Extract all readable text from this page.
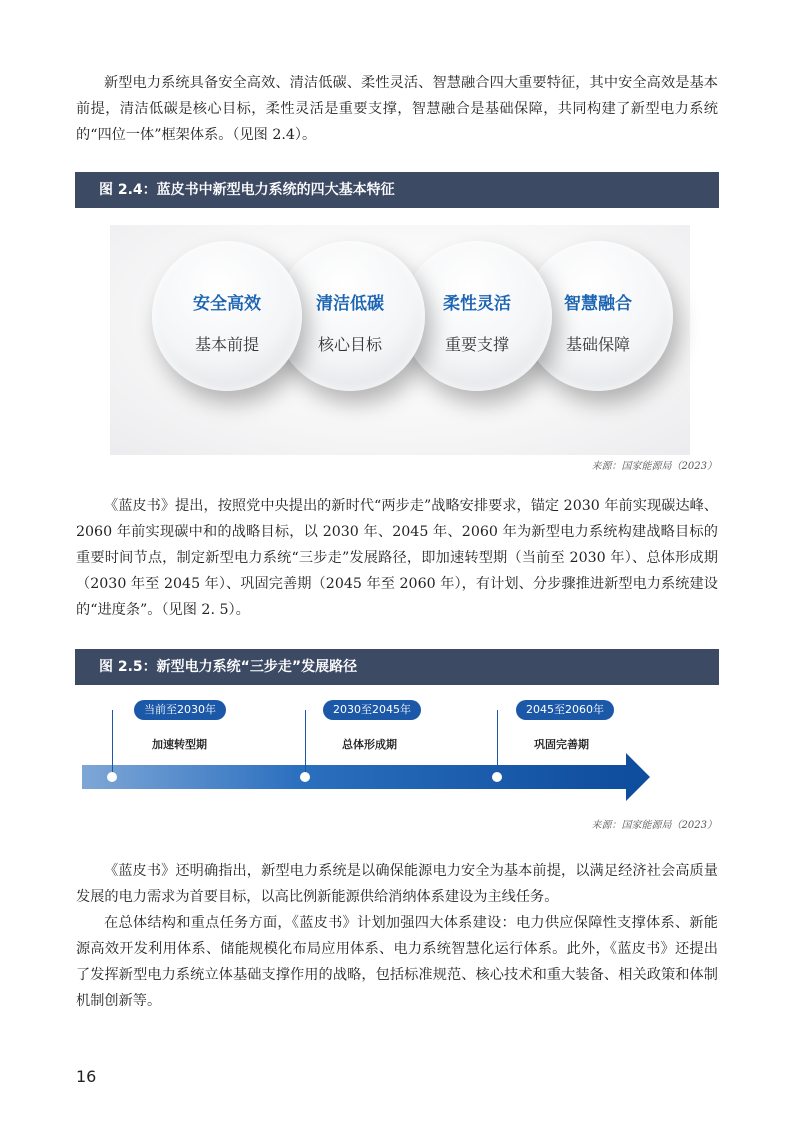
新型电力系统具备安全高效、清洁低碳、柔性灵活、智慧融合四大重要特征，其中安全高效是基本前提，清洁低碳是核心目标，柔性灵活是重要支撑，智慧融合是基础保障，共同构建了新型电力系统的“四位一体”框架体系。（见图 2.4）。

图 2.4：蓝皮书中新型电力系统的四大基本特征
安全高效
基本前提
清洁低碳
核心目标
柔性灵活
重要支撑
智慧融合
基础保障
来源：国家能源局（2023）

《蓝皮书》提出，按照党中央提出的新时代“两步走”战略安排要求，锚定 2030 年前实现碳达峰、2060 年前实现碳中和的战略目标，以 2030 年、2045 年、2060 年为新型电力系统构建战略目标的重要时间节点，制定新型电力系统“三步走”发展路径，即加速转型期（当前至 2030 年）、总体形成期（2030 年至 2045 年）、巩固完善期（2045 年至 2060 年），有计划、分步骤推进新型电力系统建设的“进度条”。（见图 2. 5）。

图 2.5：新型电力系统“三步走”发展路径
当前至2030年
加速转型期
2030至2045年
总体形成期
2045至2060年
巩固完善期
来源：国家能源局（2023）

《蓝皮书》还明确指出，新型电力系统是以确保能源电力安全为基本前提，以满足经济社会高质量发展的电力需求为首要目标，以高比例新能源供给消纳体系建设为主线任务。

在总体结构和重点任务方面，《蓝皮书》计划加强四大体系建设：电力供应保障性支撑体系、新能源高效开发利用体系、储能规模化布局应用体系、电力系统智慧化运行体系。此外，《蓝皮书》还提出了发挥新型电力系统立体基础支撑作用的战略，包括标准规范、核心技术和重大装备、相关政策和体制机制创新等。

16
